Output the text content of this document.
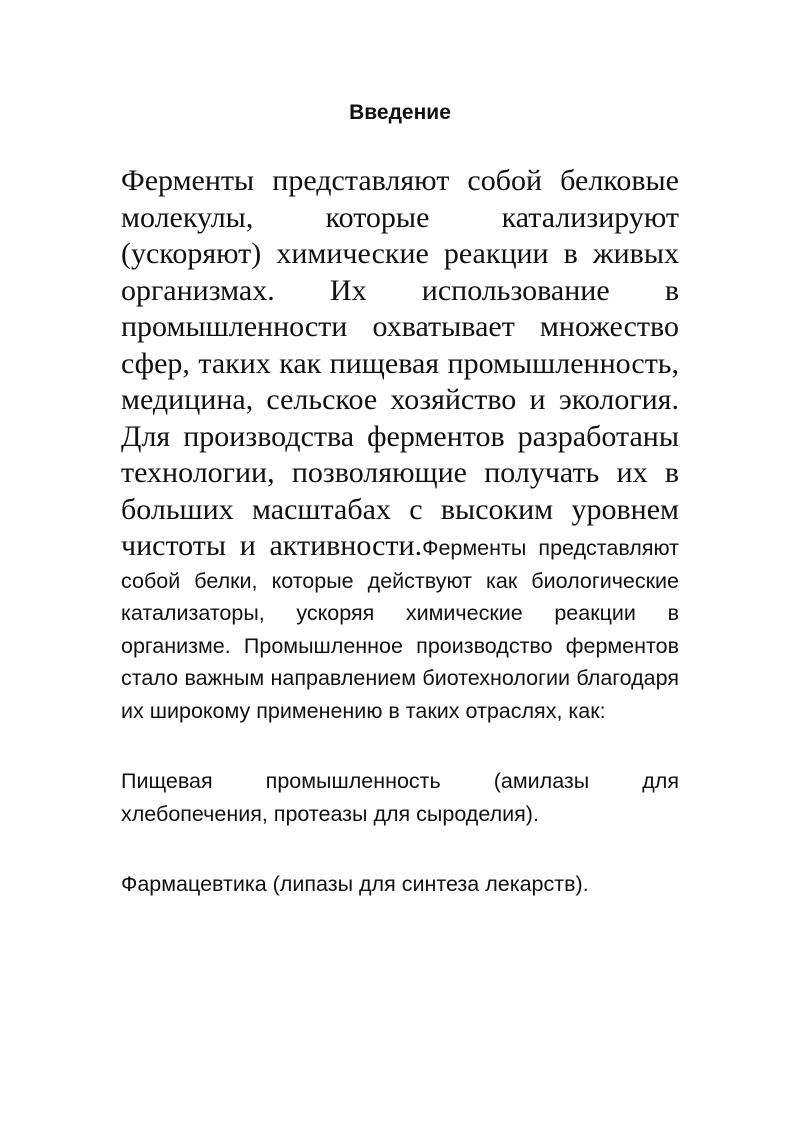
Введение

Ферменты представляют собой белковые молекулы, которые катализируют (ускоряют) химические реакции в живых организмах. Их использование в промышленности охватывает множество сфер, таких как пищевая промышленность, медицина, сельское хозяйство и экология. Для производства ферментов разработаны технологии, позволяющие получать их в больших масштабах с высоким уровнем чистоты и активности.Ферменты представляют собой белки, которые действуют как биологические катализаторы, ускоряя химические реакции в организме. Промышленное производство ферментов стало важным направлением биотехнологии благодаря их широкому применению в таких отраслях, как:

Пищевая промышленность (амилазы для хлебопечения, протеазы для сыроделия).

Фармацевтика (липазы для синтеза лекарств).
